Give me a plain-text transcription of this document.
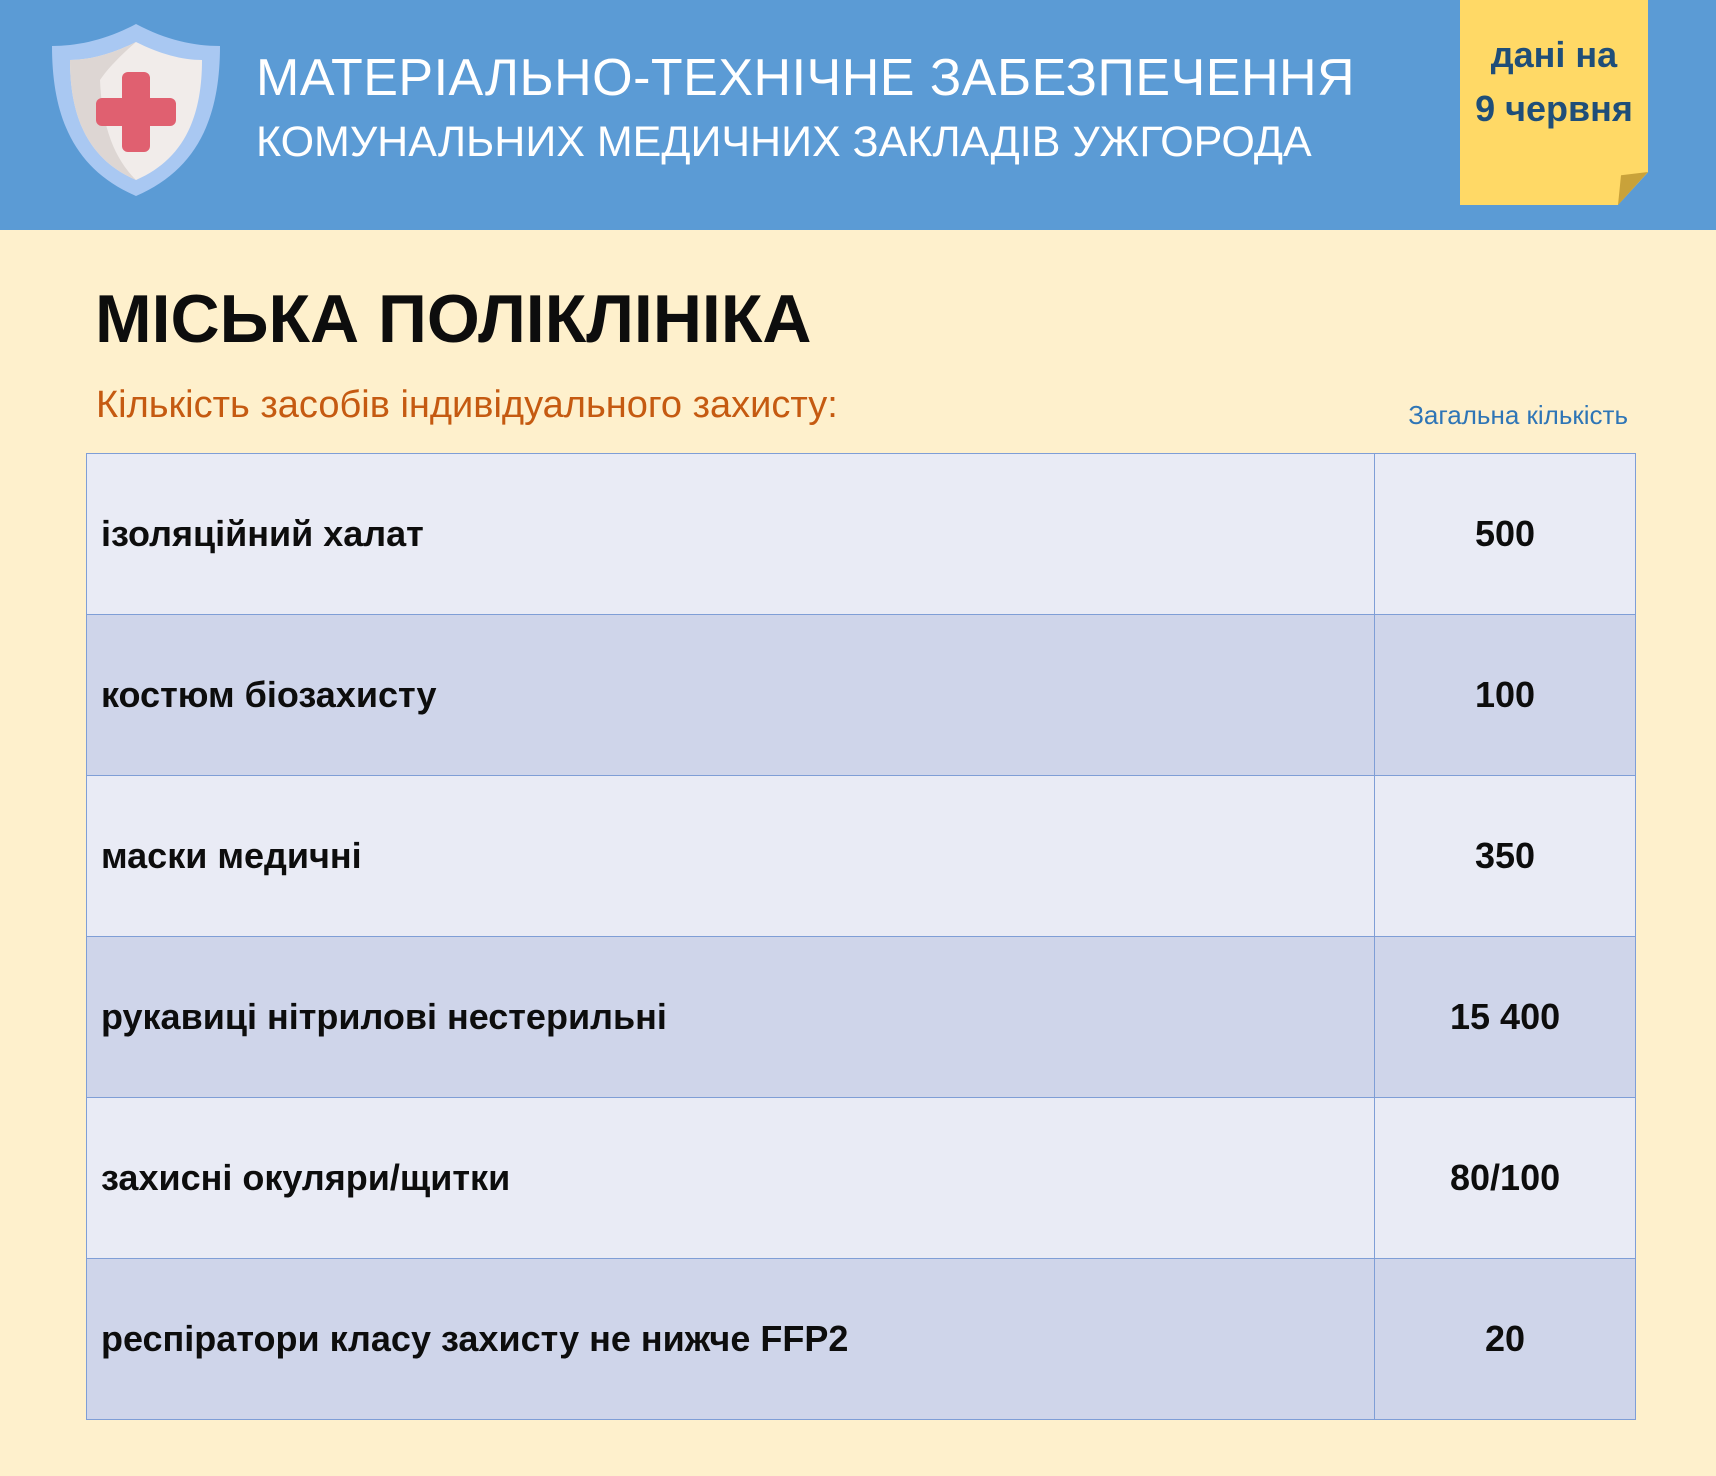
МАТЕРІАЛЬНО-ТЕХНІЧНЕ ЗАБЕЗПЕЧЕННЯ
КОМУНАЛЬНИХ МЕДИЧНИХ ЗАКЛАДІВ УЖГОРОДА
дані на
9 червня
МІСЬКА ПОЛІКЛІНІКА
Кількість засобів індивідуального захисту:	Загальна кількість
ізоляційний халат	500
костюм біозахисту	100
маски медичні	350
рукавиці нітрилові нестерильні	15 400
захисні окуляри/щитки	80/100
респіратори класу захисту не нижче FFP2	20
